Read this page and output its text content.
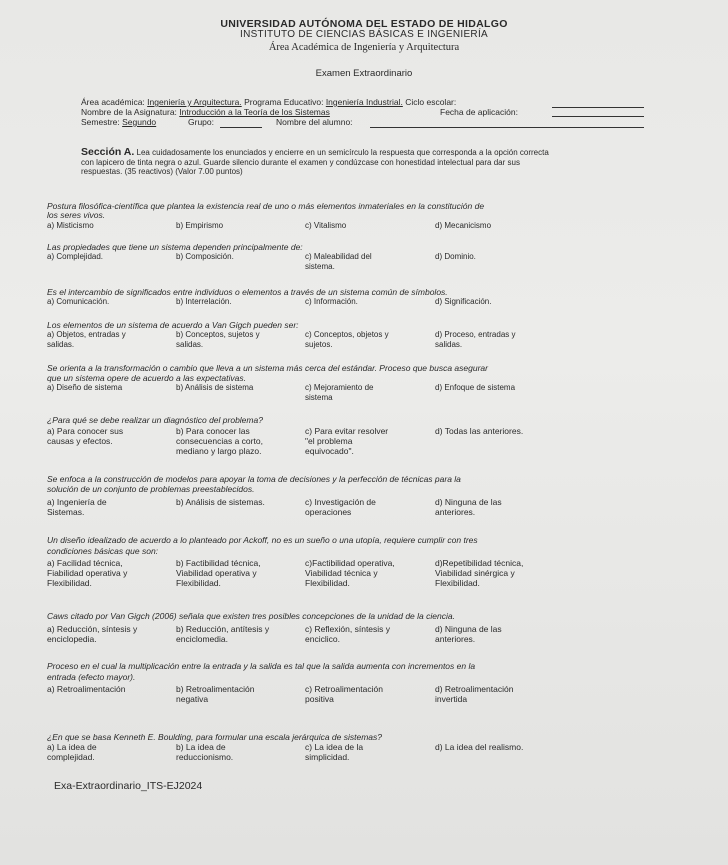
UNIVERSIDAD AUTÓNOMA DEL ESTADO DE HIDALGO
INSTITUTO DE CIENCIAS BÁSICAS E INGENIERÍA
Área Académica de Ingeniería y Arquitectura
Examen Extraordinario
Área académica: Ingeniería y Arquitectura. Programa Educativo: Ingeniería Industrial. Ciclo escolar:
Nombre de la Asignatura: Introducción a la Teoría de los Sistemas	Fecha de aplicación:
Semestre: Segundo	Grupo:	Nombre del alumno:
Sección A. Lea cuidadosamente los enunciados y encierre en un semicírculo la respuesta que corresponda a la opción correcta
con lapicero de tinta negra o azul. Guarde silencio durante el examen y condúzcase con honestidad intelectual para dar sus
respuestas. (35 reactivos) (Valor 7.00 puntos)
Postura filosófica-científica que plantea la existencia real de uno o más elementos inmateriales en la constitución de
los seres vivos.
a) Misticismo	b) Empirismo	c) Vitalismo	d) Mecanicismo
Las propiedades que tiene un sistema dependen principalmente de:
a) Complejidad.	b) Composición.	c) Maleabilidad del
sistema.
d) Dominio.
Es el intercambio de significados entre individuos o elementos a través de un sistema común de símbolos.
a) Comunicación.	b) Interrelación.	c) Información.	d) Significación.
Los elementos de un sistema de acuerdo a Van Gigch pueden ser:
a) Objetos, entradas y
salidas.
b) Conceptos, sujetos y
salidas.
c) Conceptos, objetos y
sujetos.
d) Proceso, entradas y
salidas.
Se orienta a la transformación o cambio que lleva a un sistema más cerca del estándar. Proceso que busca asegurar
que un sistema opere de acuerdo a las expectativas.
a) Diseño de sistema	b) Análisis de sistema	c) Mejoramiento de
sistema
d) Enfoque de sistema
¿Para qué se debe realizar un diagnóstico del problema?
a) Para conocer sus
causas y efectos.
b) Para conocer las
consecuencias a corto,
mediano y largo plazo.
c) Para evitar resolver
"el problema
equivocado".
d) Todas las anteriores.
Se enfoca a la construcción de modelos para apoyar la toma de decisiones y la perfección de técnicas para la
solución de un conjunto de problemas preestablecidos.
a) Ingeniería de
Sistemas.
b) Análisis de sistemas.	c) Investigación de
operaciones
d) Ninguna de las
anteriores.
Un diseño idealizado de acuerdo a lo planteado por Ackoff, no es un sueño o una utopía, requiere cumplir con tres
condiciones básicas que son:
a) Facilidad técnica,
Fiabilidad operativa y
Flexibilidad.
b) Factibilidad técnica,
Viabilidad operativa y
Flexibilidad.
c)Factibilidad operativa,
Viabilidad técnica y
Flexibilidad.
d)Repetibilidad técnica,
Viabilidad sinérgica y
Flexibilidad.
Caws citado por Van Gigch (2006) señala que existen tres posibles concepciones de la unidad de la ciencia.
a) Reducción, síntesis y
enciclopedia.
b) Reducción, antítesis y
enciclomedia.
c) Reflexión, síntesis y
enciclico.
d) Ninguna de las
anteriores.
Proceso en el cual la multiplicación entre la entrada y la salida es tal que la salida aumenta con incrementos en la
entrada (efecto mayor).
a) Retroalimentación	b) Retroalimentación
negativa
c) Retroalimentación
positiva
d) Retroalimentación
invertida
¿En que se basa Kenneth E. Boulding, para formular una escala jerárquica de sistemas?
a) La idea de
complejidad.
b) La idea de
reduccionismo.
c) La idea de la
simplicidad.
d) La idea del realismo.
Exa-Extraordinario_ITS-EJ2024
